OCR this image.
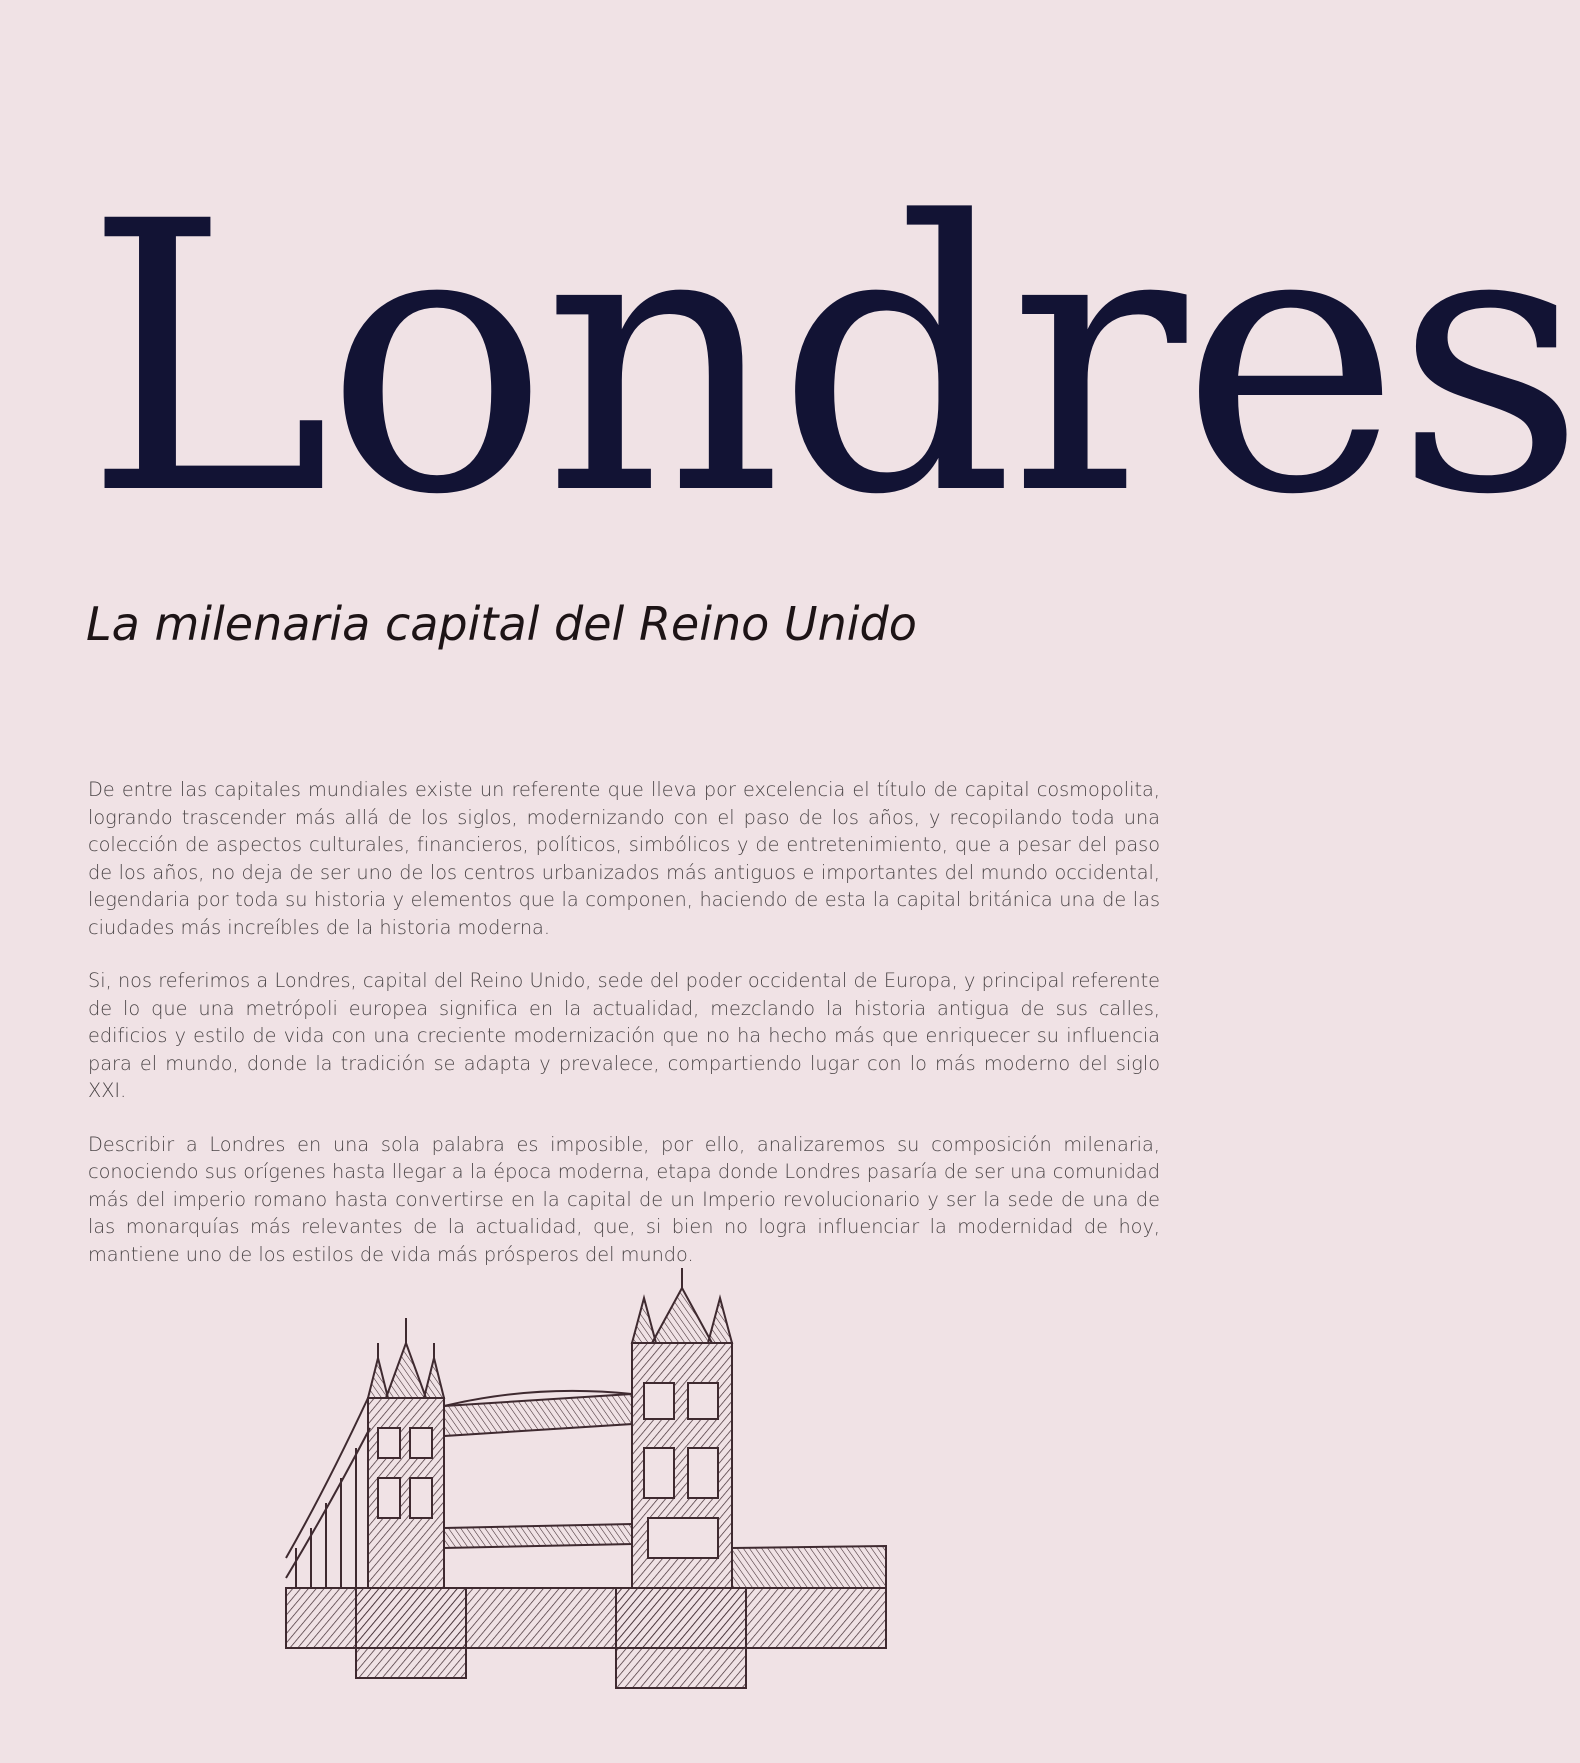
Londres
La milenaria capital del Reino Unido

De entre las capitales mundiales existe un referente que lleva por excelencia el título de capital cosmopolita, logrando trascender más allá de los siglos, modernizando con el paso de los años, y recopilando toda una colección de aspectos culturales, financieros, políticos, simbólicos y de entretenimiento, que a pesar del paso de los años, no deja de ser uno de los centros urbanizados más antiguos e importantes del mundo occidental, legendaria por toda su historia y elementos que la componen, haciendo de esta la capital británica una de las ciudades más increíbles de la historia moderna.

Si, nos referimos a Londres, capital del Reino Unido, sede del poder occidental de Europa, y principal referente de lo que una metrópoli europea significa en la actualidad, mezclando la historia antigua de sus calles, edificios y estilo de vida con una creciente modernización que no ha hecho más que enriquecer su influencia para el mundo, donde la tradición se adapta y prevalece, compartiendo lugar con lo más moderno del siglo XXI.

Describir a Londres en una sola palabra es imposible, por ello, analizaremos su composición milenaria, conociendo sus orígenes hasta llegar a la época moderna, etapa donde Londres pasaría de ser una comunidad más del imperio romano hasta convertirse en la capital de un Imperio revolucionario y ser la sede de una de las monarquías más relevantes de la actualidad, que, si bien no logra influenciar la modernidad de hoy, mantiene uno de los estilos de vida más prósperos del mundo.
